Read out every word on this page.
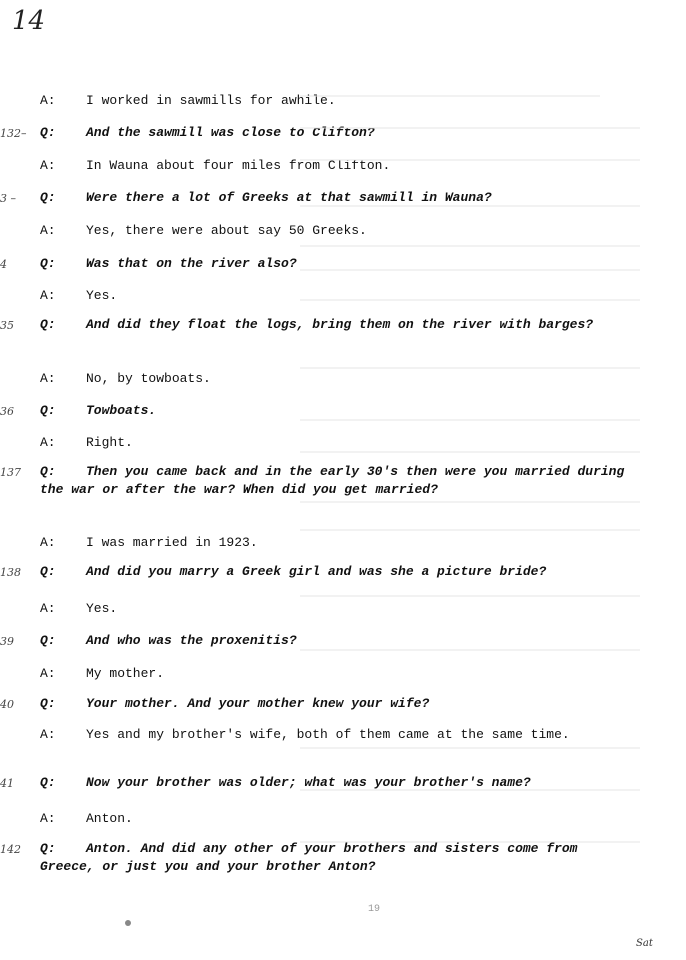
14
A: I worked in sawmills for awhile.
Q: And the sawmill was close to Clifton?
132–
A: In Wauna about four miles from Clifton.
Q: Were there a lot of Greeks at that sawmill in Wauna?
3 –
A: Yes, there were about say 50 Greeks.
Q: Was that on the river also?
4
A: Yes.
Q: And did they float the logs, bring them on the river with barges?
35
A: No, by towboats.
Q: Towboats.
36
A: Right.
Q: Then you came back and in the early 30's then were you married during the war or after the war? When did you get married?
137
A: I was married in 1923.
Q: And did you marry a Greek girl and was she a picture bride?
138
A: Yes.
Q: And who was the proxenitis?
39
A: My mother.
Q: Your mother. And your mother knew your wife?
40
A: Yes and my brother's wife, both of them came at the same time.
Q: Now your brother was older; what was your brother's name?
41
A: Anton.
Q: Anton. And did any other of your brothers and sisters come from Greece, or just you and your brother Anton?
142
19
Sat
